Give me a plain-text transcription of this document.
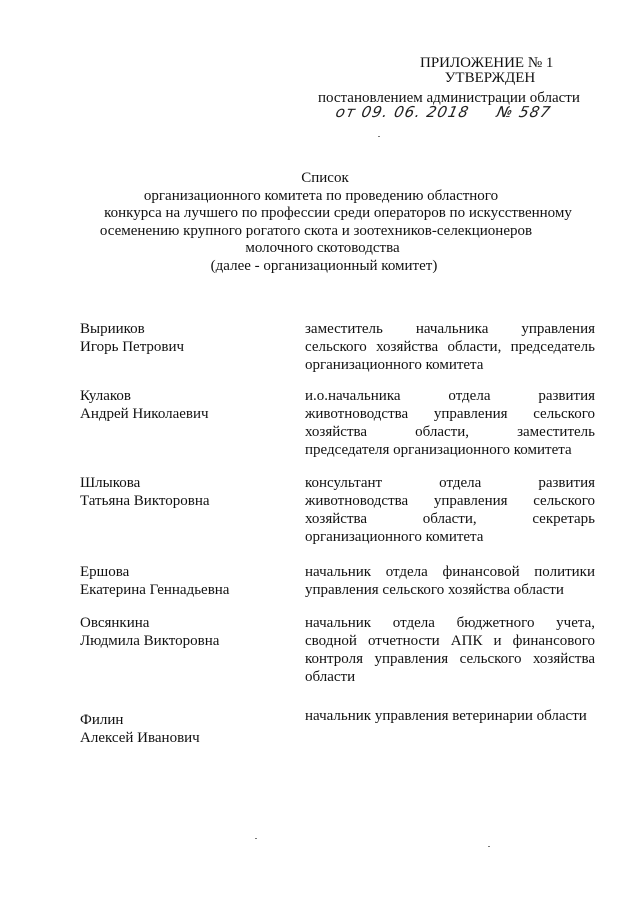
ПРИЛОЖЕНИЕ № 1
УТВЕРЖДЕН
постановлением администрации области
от 09. 06. 2018 № 587
Список
организационного комитета по проведению областного
конкурса на лучшего по профессии среди операторов по искусственному
осеменению крупного рогатого скота и зоотехников-селекционеров
молочного скотоводства
(далее - организационный комитет)
Вырииков
Игорь Петрович
заместитель начальника управления
сельского хозяйства области, председатель
организационного комитета
Кулаков
Андрей Николаевич
и.о.начальника отдела развития
животноводства управления сельского
хозяйства области, заместитель
председателя организационного комитета
Шлыкова
Татьяна Викторовна
консультант отдела развития
животноводства управления сельского
хозяйства области, секретарь
организационного комитета
Ершова
Екатерина Геннадьевна
начальник отдела финансовой политики
управления сельского хозяйства области
Овсянкина
Людмила Викторовна
начальник отдела бюджетного учета,
сводной отчетности АПК и финансового
контроля управления сельского хозяйства
области
Филин
Алексей Иванович
начальник управления ветеринарии области
